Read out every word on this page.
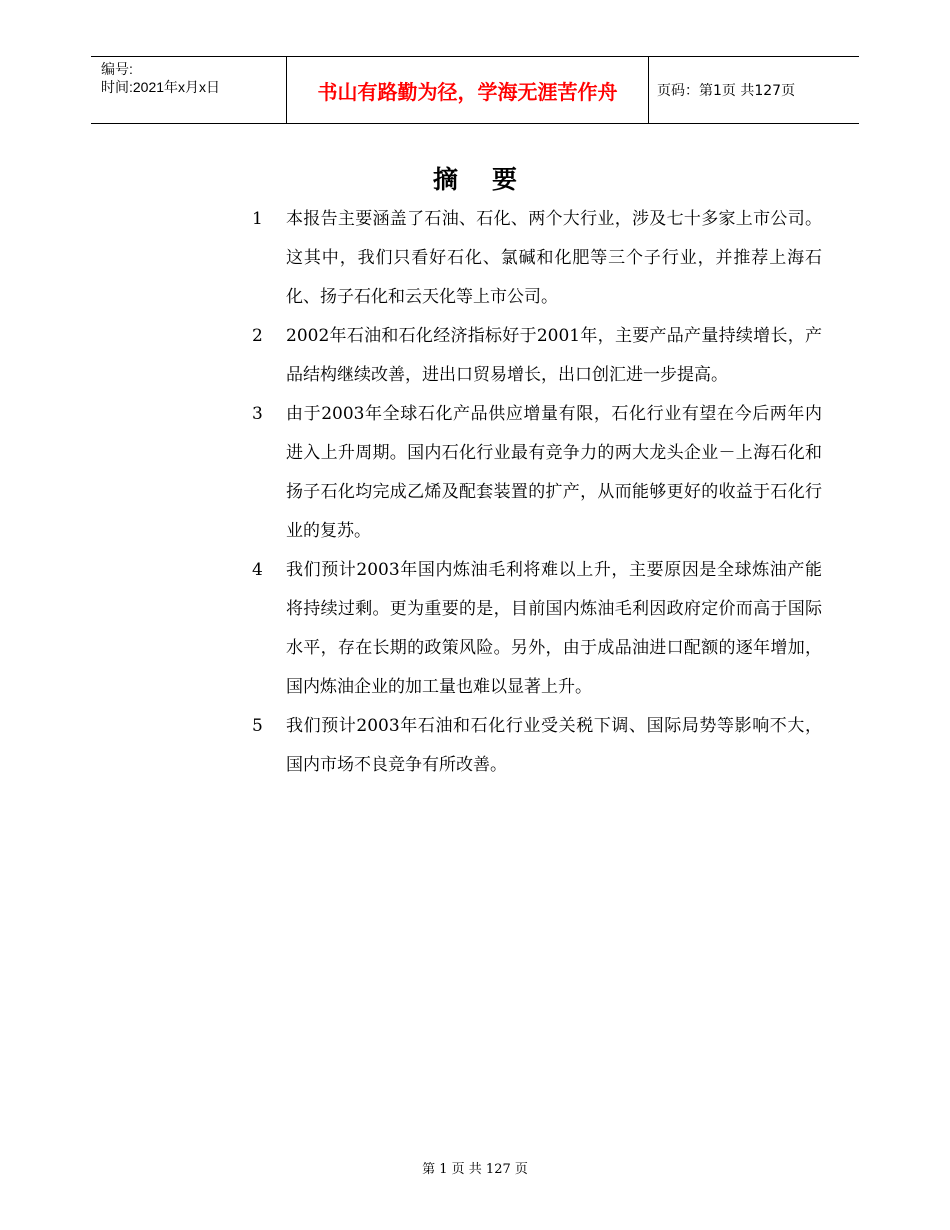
编号:
时间:2021年x月x日	书山有路勤为径，学海无涯苦作舟	页码：第1页 共127页
摘要
1	本报告主要涵盖了石油、石化、两个大行业，涉及七十多家上市公司。这其中，我们只看好石化、氯碱和化肥等三个子行业，并推荐上海石化、扬子石化和云天化等上市公司。
2	2002年石油和石化经济指标好于2001年，主要产品产量持续增长，产品结构继续改善，进出口贸易增长，出口创汇进一步提高。
3	由于2003年全球石化产品供应增量有限，石化行业有望在今后两年内进入上升周期。国内石化行业最有竞争力的两大龙头企业－上海石化和扬子石化均完成乙烯及配套装置的扩产，从而能够更好的收益于石化行业的复苏。
4	我们预计2003年国内炼油毛利将难以上升，主要原因是全球炼油产能将持续过剩。更为重要的是，目前国内炼油毛利因政府定价而高于国际水平，存在长期的政策风险。另外，由于成品油进口配额的逐年增加，国内炼油企业的加工量也难以显著上升。
5	我们预计2003年石油和石化行业受关税下调、国际局势等影响不大，国内市场不良竞争有所改善。
第 1 页 共 127 页
